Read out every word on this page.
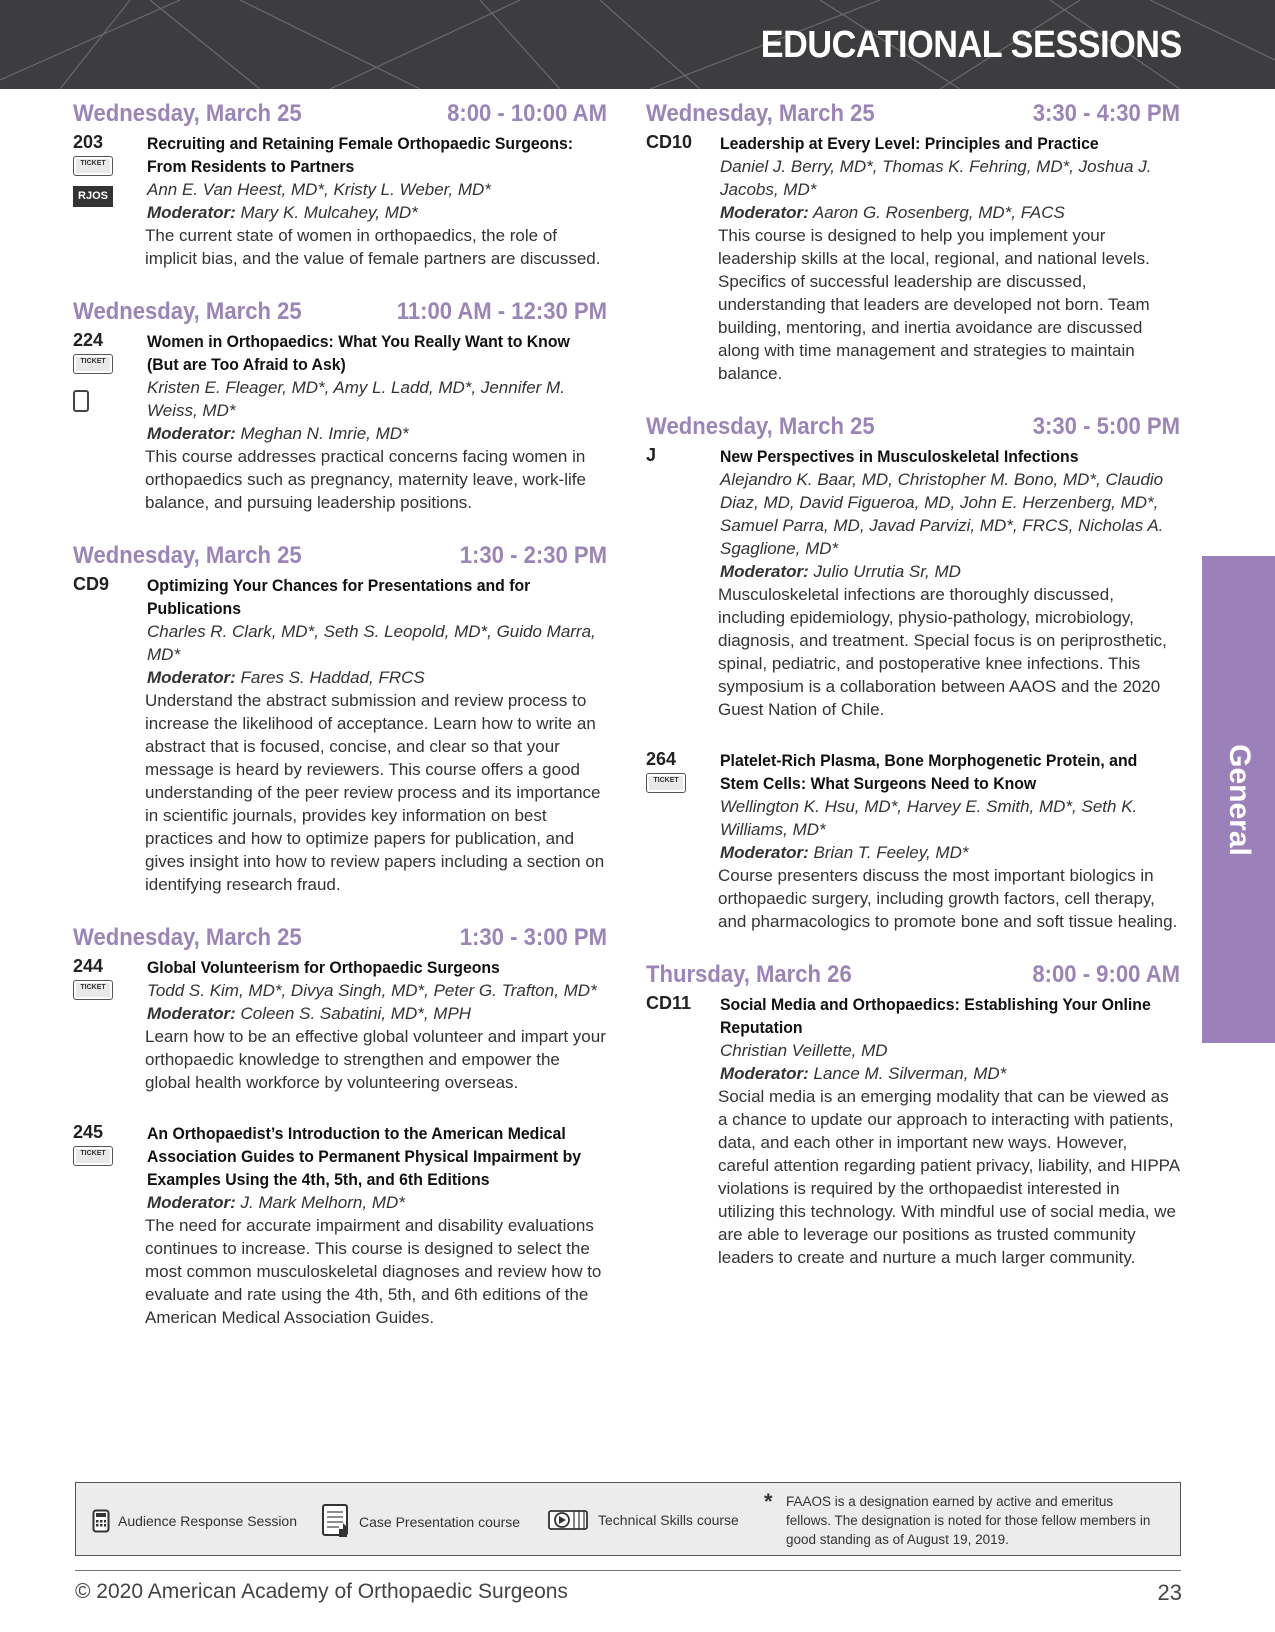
EDUCATIONAL SESSIONS
Wednesday, March 25	8:00 - 10:00 AM
203
TICKET
RJOS
Recruiting and Retaining Female Orthopaedic Surgeons: From Residents to Partners
Ann E. Van Heest, MD*, Kristy L. Weber, MD*
Moderator: Mary K. Mulcahey, MD*
The current state of women in orthopaedics, the role of implicit bias, and the value of female partners are discussed.
Wednesday, March 25	11:00 AM - 12:30 PM
224
TICKET
Women in Orthopaedics: What You Really Want to Know (But are Too Afraid to Ask)
Kristen E. Fleager, MD*, Amy L. Ladd, MD*, Jennifer M. Weiss, MD*
Moderator: Meghan N. Imrie, MD*
This course addresses practical concerns facing women in orthopaedics such as pregnancy, maternity leave, work-life balance, and pursuing leadership positions.
Wednesday, March 25	1:30 - 2:30 PM
CD9 Optimizing Your Chances for Presentations and for Publications
Charles R. Clark, MD*, Seth S. Leopold, MD*, Guido Marra, MD*
Moderator: Fares S. Haddad, FRCS
Understand the abstract submission and review process to increase the likelihood of acceptance. Learn how to write an abstract that is focused, concise, and clear so that your message is heard by reviewers. This course offers a good understanding of the peer review process and its importance in scientific journals, provides key information on best practices and how to optimize papers for publication, and gives insight into how to review papers including a section on identifying research fraud.
Wednesday, March 25	1:30 - 3:00 PM
244
TICKET
Global Volunteerism for Orthopaedic Surgeons
Todd S. Kim, MD*, Divya Singh, MD*, Peter G. Trafton, MD*
Moderator: Coleen S. Sabatini, MD*, MPH
Learn how to be an effective global volunteer and impart your orthopaedic knowledge to strengthen and empower the global health workforce by volunteering overseas.
245
TICKET
An Orthopaedist’s Introduction to the American Medical Association Guides to Permanent Physical Impairment by Examples Using the 4th, 5th, and 6th Editions
Moderator: J. Mark Melhorn, MD*
The need for accurate impairment and disability evaluations continues to increase. This course is designed to select the most common musculoskeletal diagnoses and review how to evaluate and rate using the 4th, 5th, and 6th editions of the American Medical Association Guides.
Wednesday, March 25	3:30 - 4:30 PM
CD10 Leadership at Every Level: Principles and Practice
Daniel J. Berry, MD*, Thomas K. Fehring, MD*, Joshua J. Jacobs, MD*
Moderator: Aaron G. Rosenberg, MD*, FACS
This course is designed to help you implement your leadership skills at the local, regional, and national levels. Specifics of successful leadership are discussed, understanding that leaders are developed not born. Team building, mentoring, and inertia avoidance are discussed along with time management and strategies to maintain balance.
Wednesday, March 25	3:30 - 5:00 PM
J	New Perspectives in Musculoskeletal Infections
Alejandro K. Baar, MD, Christopher M. Bono, MD*, Claudio Diaz, MD, David Figueroa, MD, John E. Herzenberg, MD*, Samuel Parra, MD, Javad Parvizi, MD*, FRCS, Nicholas A. Sgaglione, MD*
Moderator: Julio Urrutia Sr, MD
Musculoskeletal infections are thoroughly discussed, including epidemiology, physio-pathology, microbiology, diagnosis, and treatment. Special focus is on periprosthetic, spinal, pediatric, and postoperative knee infections. This symposium is a collaboration between AAOS and the 2020 Guest Nation of Chile.
264
TICKET
Platelet-Rich Plasma, Bone Morphogenetic Protein, and Stem Cells: What Surgeons Need to Know
Wellington K. Hsu, MD*, Harvey E. Smith, MD*, Seth K. Williams, MD*
Moderator: Brian T. Feeley, MD*
Course presenters discuss the most important biologics in orthopaedic surgery, including growth factors, cell therapy, and pharmacologics to promote bone and soft tissue healing.
Thursday, March 26	8:00 - 9:00 AM
CD11 Social Media and Orthopaedics: Establishing Your Online Reputation
Christian Veillette, MD
Moderator: Lance M. Silverman, MD*
Social media is an emerging modality that can be viewed as a chance to update our approach to interacting with patients, data, and each other in important new ways. However, careful attention regarding patient privacy, liability, and HIPPA violations is required by the orthopaedist interested in utilizing this technology. With mindful use of social media, we are able to leverage our positions as trusted community leaders to create and nurture a much larger community.
General
Audience Response Session	Case Presentation course	Technical Skills course
* FAAOS is a designation earned by active and emeritus fellows. The designation is noted for those fellow members in good standing as of August 19, 2019.
© 2020 American Academy of Orthopaedic Surgeons	23
